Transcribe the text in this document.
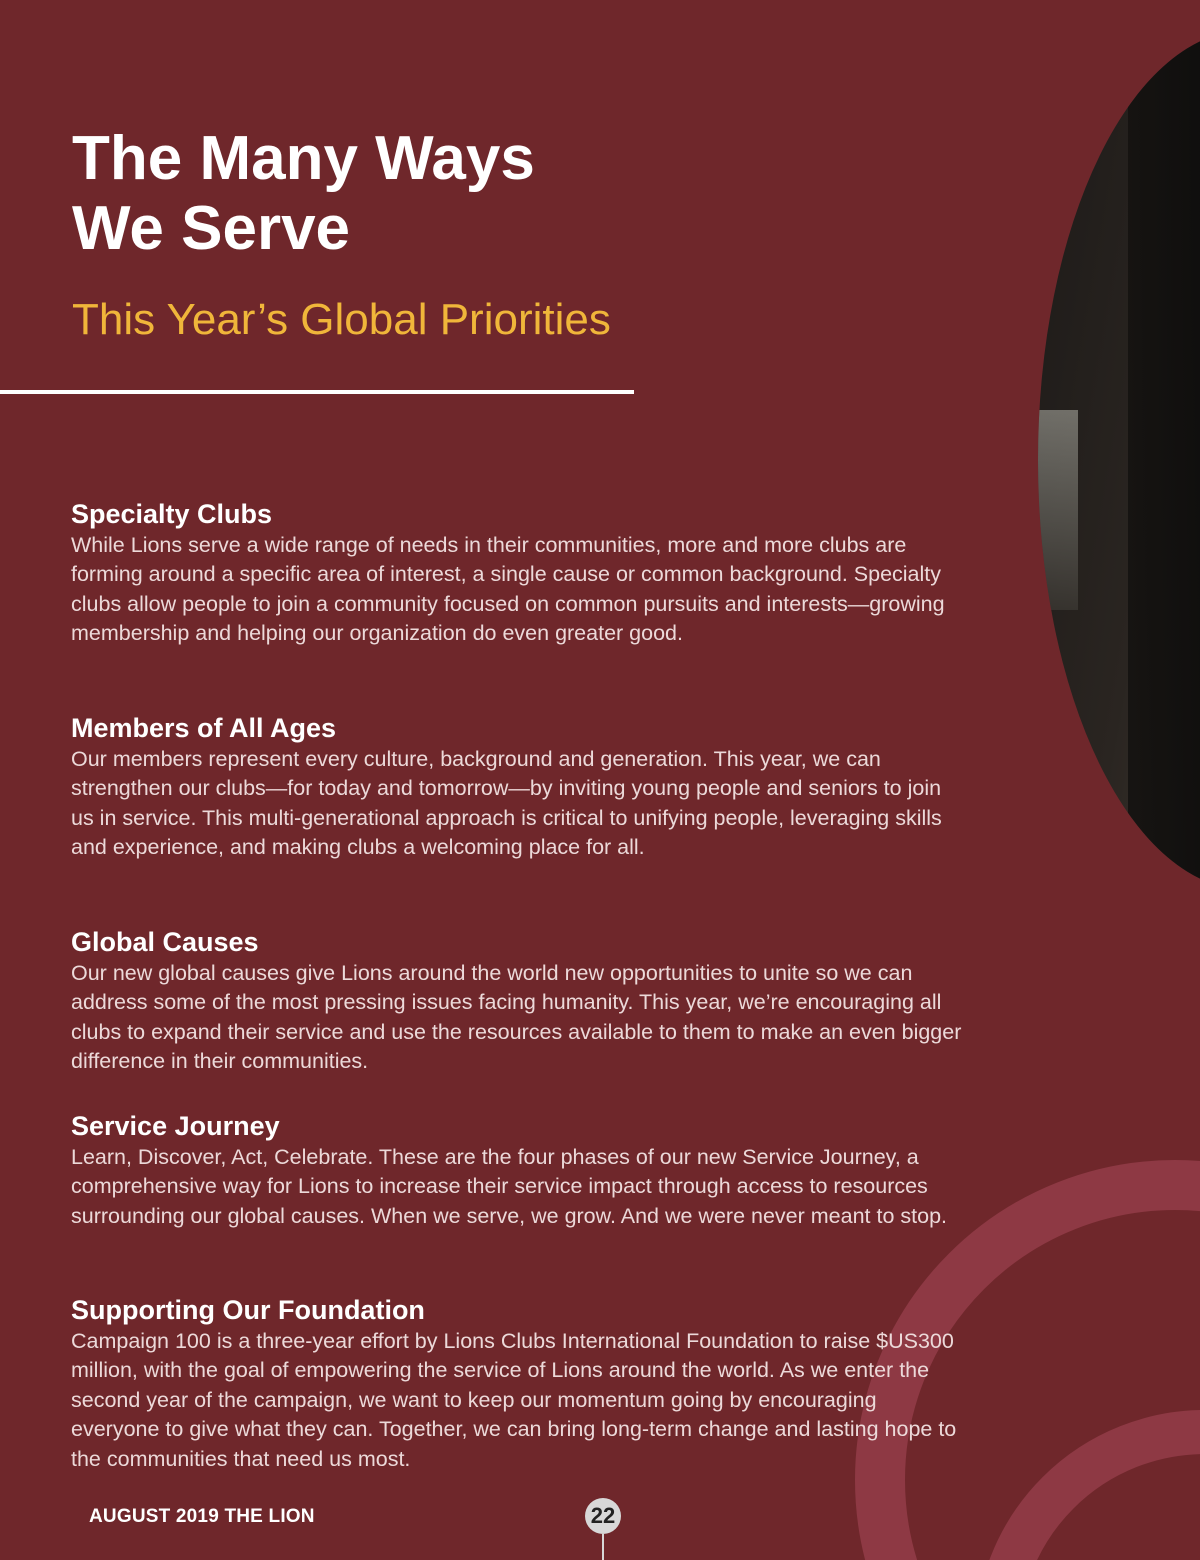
The Many Ways
We Serve
This Year’s Global Priorities
Specialty Clubs

While Lions serve a wide range of needs in their communities, more and more clubs are forming around a specific area of interest, a single cause or common background. Specialty clubs allow people to join a community focused on common pursuits and interests—growing membership and helping our organization do even greater good.

Members of All Ages

Our members represent every culture, background and generation. This year, we can strengthen our clubs—for today and tomorrow—by inviting young people and seniors to join us in service. This multi-generational approach is critical to unifying people, leveraging skills and experience, and making clubs a welcoming place for all.

Global Causes

Our new global causes give Lions around the world new opportunities to unite so we can address some of the most pressing issues facing humanity. This year, we’re encouraging all clubs to expand their service and use the resources available to them to make an even bigger difference in their communities.

Service Journey

Learn, Discover, Act, Celebrate. These are the four phases of our new Service Journey, a comprehensive way for Lions to increase their service impact through access to resources surrounding our global causes. When we serve, we grow. And we were never meant to stop.

Supporting Our Foundation

Campaign 100 is a three-year effort by Lions Clubs International Foundation to raise $US300 million, with the goal of empowering the service of Lions around the world. As we enter the second year of the campaign, we want to keep our momentum going by encouraging everyone to give what they can. Together, we can bring long-term change and lasting hope to the communities that need us most.

AUGUST 2019 THE LION	22
